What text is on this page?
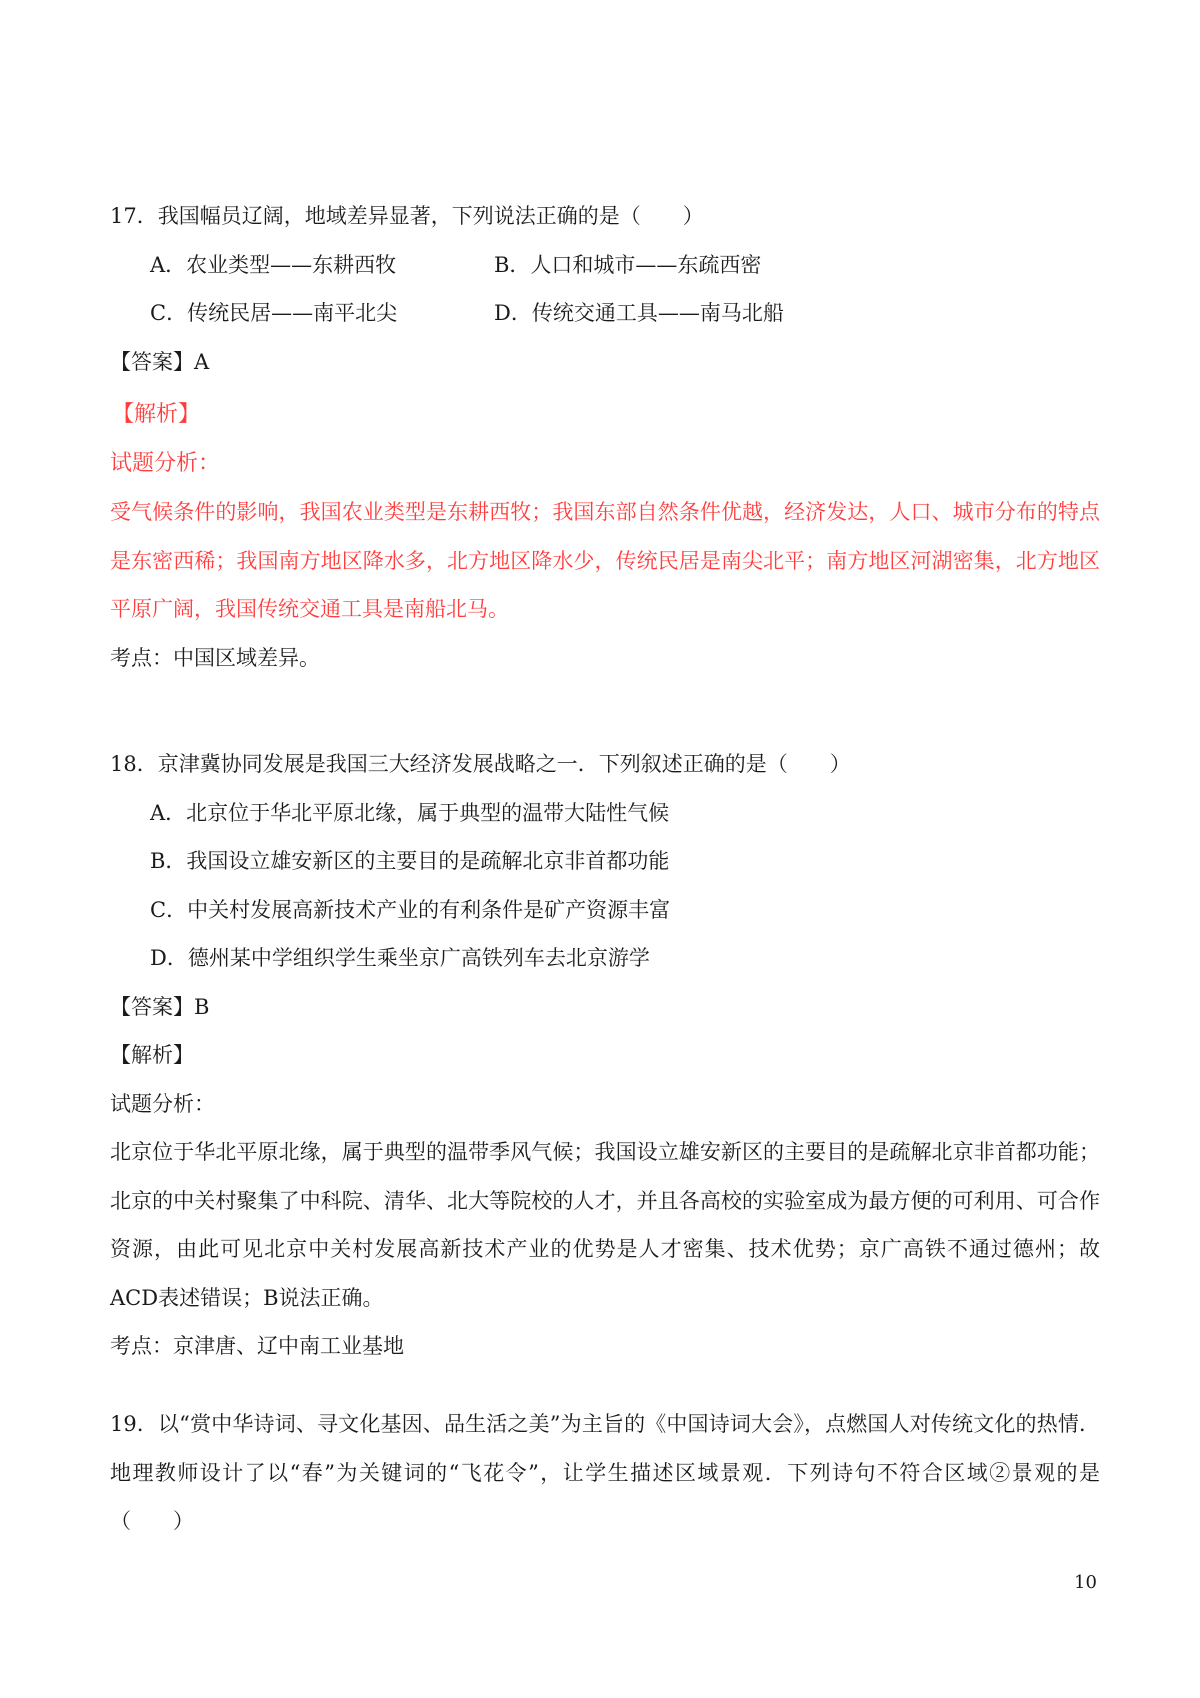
17．我国幅员辽阔，地域差异显著，下列说法正确的是（　　）
A．农业类型——东耕西牧	B．人口和城市——东疏西密
C．传统民居——南平北尖	D．传统交通工具——南马北船
【答案】A
【解析】
试题分析：
受气候条件的影响，我国农业类型是东耕西牧；我国东部自然条件优越，经济发达，人口、城市分布的特点是东密西稀；我国南方地区降水多，北方地区降水少，传统民居是南尖北平；南方地区河湖密集，北方地区平原广阔，我国传统交通工具是南船北马。
考点：中国区域差异。
18．京津冀协同发展是我国三大经济发展战略之一．下列叙述正确的是（　　）
A．北京位于华北平原北缘，属于典型的温带大陆性气候
B．我国设立雄安新区的主要目的是疏解北京非首都功能
C．中关村发展高新技术产业的有利条件是矿产资源丰富
D．德州某中学组织学生乘坐京广高铁列车去北京游学
【答案】B
【解析】
试题分析：
北京位于华北平原北缘，属于典型的温带季风气候；我国设立雄安新区的主要目的是疏解北京非首都功能；北京的中关村聚集了中科院、清华、北大等院校的人才，并且各高校的实验室成为最方便的可利用、可合作资源，由此可见北京中关村发展高新技术产业的优势是人才密集、技术优势；京广高铁不通过德州；故ACD表述错误；B说法正确。
考点：京津唐、辽中南工业基地
19．以“赏中华诗词、寻文化基因、品生活之美”为主旨的《中国诗词大会》，点燃国人对传统文化的热情．地理教师设计了以“春”为关键词的“飞花令”，让学生描述区域景观．下列诗句不符合区域②景观的是（　　）
10
